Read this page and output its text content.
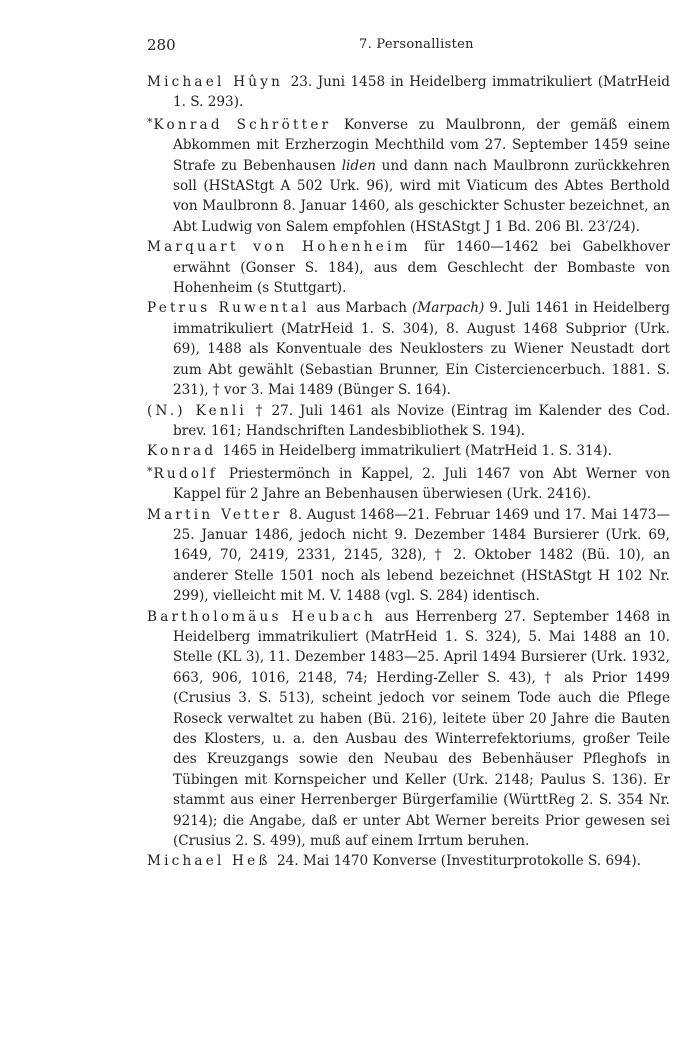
280	7. Personallisten

Michael Hûyn 23. Juni 1458 in Heidelberg immatrikuliert (MatrHeid 1. S. 293).

*Konrad Schrötter Konverse zu Maulbronn, der gemäß einem Abkommen mit Erzherzogin Mechthild vom 27. September 1459 seine Strafe zu Bebenhausen liden und dann nach Maulbronn zurückkehren soll (HStAStgt A 502 Urk. 96), wird mit Viaticum des Abtes Berthold von Maulbronn 8. Januar 1460, als geschickter Schuster bezeichnet, an Abt Ludwig von Salem empfohlen (HStAStgt J 1 Bd. 206 Bl. 23′/24).

Marquart von Hohenheim für 1460—1462 bei Gabelkhover erwähnt (Gonser S. 184), aus dem Geschlecht der Bombaste von Hohenheim (s Stuttgart).

Petrus Ruwental aus Marbach (Marpach) 9. Juli 1461 in Heidelberg immatrikuliert (MatrHeid 1. S. 304), 8. August 1468 Subprior (Urk. 69), 1488 als Konventuale des Neuklosters zu Wiener Neustadt dort zum Abt gewählt (Sebastian Brunner, Ein Cisterciencerbuch. 1881. S. 231), † vor 3. Mai 1489 (Bünger S. 164).

(N.) Kenli † 27. Juli 1461 als Novize (Eintrag im Kalender des Cod. brev. 161; Handschriften Landesbibliothek S. 194).

Konrad 1465 in Heidelberg immatrikuliert (MatrHeid 1. S. 314).

*Rudolf Priestermönch in Kappel, 2. Juli 1467 von Abt Werner von Kappel für 2 Jahre an Bebenhausen überwiesen (Urk. 2416).

Martin Vetter 8. August 1468—21. Februar 1469 und 17. Mai 1473—25. Januar 1486, jedoch nicht 9. Dezember 1484 Bursierer (Urk. 69, 1649, 70, 2419, 2331, 2145, 328), † 2. Oktober 1482 (Bü. 10), an anderer Stelle 1501 noch als lebend bezeichnet (HStAStgt H 102 Nr. 299), vielleicht mit M. V. 1488 (vgl. S. 284) identisch.

Bartholomäus Heubach aus Herrenberg 27. September 1468 in Heidelberg immatrikuliert (MatrHeid 1. S. 324), 5. Mai 1488 an 10. Stelle (KL 3), 11. Dezember 1483—25. April 1494 Bursierer (Urk. 1932, 663, 906, 1016, 2148, 74; Herding-Zeller S. 43), † als Prior 1499 (Crusius 3. S. 513), scheint jedoch vor seinem Tode auch die Pflege Roseck verwaltet zu haben (Bü. 216), leitete über 20 Jahre die Bauten des Klosters, u. a. den Ausbau des Winterrefektoriums, großer Teile des Kreuzgangs sowie den Neubau des Bebenhäuser Pfleghofs in Tübingen mit Kornspeicher und Keller (Urk. 2148; Paulus S. 136). Er stammt aus einer Herrenberger Bürgerfamilie (WürttReg 2. S. 354 Nr. 9214); die Angabe, daß er unter Abt Werner bereits Prior gewesen sei (Crusius 2. S. 499), muß auf einem Irrtum beruhen.

Michael Heß 24. Mai 1470 Konverse (Investiturprotokolle S. 694).
